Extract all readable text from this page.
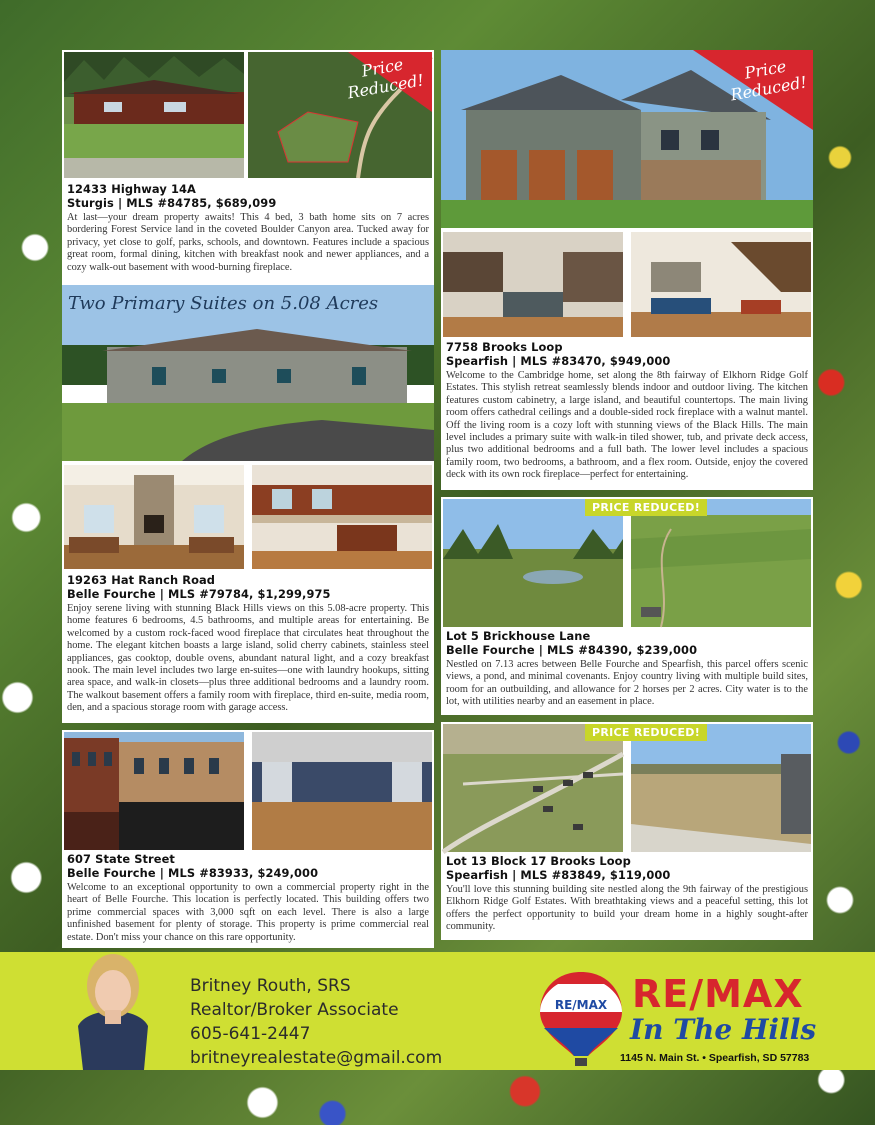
Price Reduced!
12433 Highway 14A
Sturgis | MLS #84785, $689,099

At last—your dream property awaits! This 4 bed, 3 bath home sits on 7 acres bordering Forest Service land in the coveted Boulder Canyon area. Tucked away for privacy, yet close to golf, parks, schools, and downtown. Features include a spacious great room, formal dining, kitchen with breakfast nook and newer appliances, and a cozy walk-out basement with wood-burning fireplace.

Two Primary Suites on 5.08 Acres
19263 Hat Ranch Road
Belle Fourche | MLS #79784, $1,299,975

Enjoy serene living with stunning Black Hills views on this 5.08-acre property. This home features 6 bedrooms, 4.5 bathrooms, and multiple areas for entertaining. Be welcomed by a custom rock-faced wood fireplace that circulates heat throughout the home. The elegant kitchen boasts a large island, solid cherry cabinets, stainless steel appliances, gas cooktop, double ovens, abundant natural light, and a cozy breakfast nook. The main level includes two large en-suites—one with laundry hookups, sitting area space, and walk-in closets—plus three additional bedrooms and a laundry room. The walkout basement offers a family room with fireplace, third en-suite, media room, den, and a spacious storage room with garage access.

607 State Street
Belle Fourche | MLS #83933, $249,000

Welcome to an exceptional opportunity to own a commercial property right in the heart of Belle Fourche. This location is perfectly located. This building offers two prime commercial spaces with 3,000 sqft on each level. There is also a large unfinished basement for plenty of storage. This property is prime commercial real estate. Don't miss your chance on this rare opportunity.

Price Reduced!
7758 Brooks Loop
Spearfish | MLS #83470, $949,000

Welcome to the Cambridge home, set along the 8th fairway of Elkhorn Ridge Golf Estates. This stylish retreat seamlessly blends indoor and outdoor living. The kitchen features custom cabinetry, a large island, and beautiful countertops. The main living room offers cathedral ceilings and a double-sided rock fireplace with a walnut mantel. Off the living room is a cozy loft with stunning views of the Black Hills. The main level includes a primary suite with walk-in tiled shower, tub, and private deck access, plus two additional bedrooms and a full bath. The lower level includes a spacious family room, two bedrooms, a bathroom, and a flex room. Outside, enjoy the covered deck with its own rock fireplace—perfect for entertaining.

PRICE REDUCED!
Lot 5 Brickhouse Lane
Belle Fourche | MLS #84390, $239,000

Nestled on 7.13 acres between Belle Fourche and Spearfish, this parcel offers scenic views, a pond, and minimal covenants. Enjoy country living with multiple build sites, room for an outbuilding, and allowance for 2 horses per 2 acres. City water is to the lot, with utilities nearby and an easement in place.

PRICE REDUCED!
Lot 13 Block 17 Brooks Loop
Spearfish | MLS #83849, $119,000

You'll love this stunning building site nestled along the 9th fairway of the prestigious Elkhorn Ridge Golf Estates. With breathtaking views and a peaceful setting, this lot offers the perfect opportunity to build your dream home in a highly sought-after community.

Britney Routh, SRS
Realtor/Broker Associate
605-641-2447
britneyrealestate@gmail.com
RE/MAX RE/MAX
In The Hills
1145 N. Main St. • Spearfish, SD 57783
